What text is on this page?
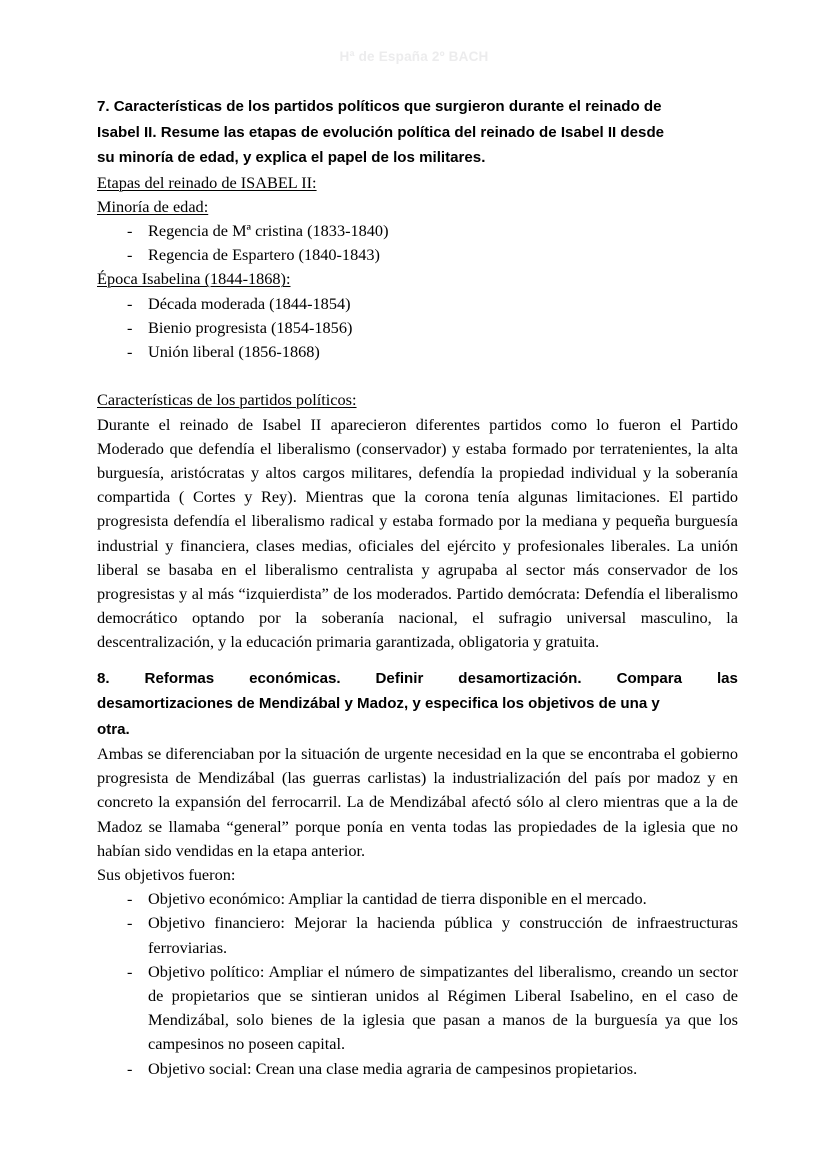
Hª de España 2º BACH
7. Características de los partidos políticos que surgieron durante el reinado de
Isabel II. Resume las etapas de evolución política del reinado de Isabel II desde
su minoría de edad, y explica el papel de los militares.
Etapas del reinado de ISABEL II:
Minoría de edad:
- Regencia de Mª cristina (1833-1840)
- Regencia de Espartero (1840-1843)
Época Isabelina (1844-1868):
- Década moderada (1844-1854)
- Bienio progresista (1854-1856)
- Unión liberal (1856-1868)
Características de los partidos políticos:

Durante el reinado de Isabel II aparecieron diferentes partidos como lo fueron el Partido Moderado que defendía el liberalismo (conservador) y estaba formado por terratenientes, la alta burguesía, aristócratas y altos cargos militares, defendía la propiedad individual y la soberanía compartida ( Cortes y Rey). Mientras que la corona tenía algunas limitaciones. El partido progresista defendía el liberalismo radical y estaba formado por la mediana y pequeña burguesía industrial y financiera, clases medias, oficiales del ejército y profesionales liberales. La unión liberal se basaba en el liberalismo centralista y agrupaba al sector más conservador de los progresistas y al más “izquierdista” de los moderados. Partido demócrata: Defendía el liberalismo democrático optando por la soberanía nacional, el sufragio universal masculino, la descentralización, y la educación primaria garantizada, obligatoria y gratuita.

8. Reformas económicas. Definir desamortización. Compara las
desamortizaciones de Mendizábal y Madoz, y especifica los objetivos de una y
otra.

Ambas se diferenciaban por la situación de urgente necesidad en la que se encontraba el gobierno progresista de Mendizábal (las guerras carlistas) la industrialización del país por madoz y en concreto la expansión del ferrocarril. La de Mendizábal afectó sólo al clero mientras que a la de Madoz se llamaba “general” porque ponía en venta todas las propiedades de la iglesia que no habían sido vendidas en la etapa anterior.

Sus objetivos fueron:
- Objetivo económico: Ampliar la cantidad de tierra disponible en el mercado.
- Objetivo financiero: Mejorar la hacienda pública y construcción de infraestructuras ferroviarias.
- Objetivo político: Ampliar el número de simpatizantes del liberalismo, creando un sector de propietarios que se sintieran unidos al Régimen Liberal Isabelino, en el caso de Mendizábal, solo bienes de la iglesia que pasan a manos de la burguesía ya que los campesinos no poseen capital.
- Objetivo social: Crean una clase media agraria de campesinos propietarios.
